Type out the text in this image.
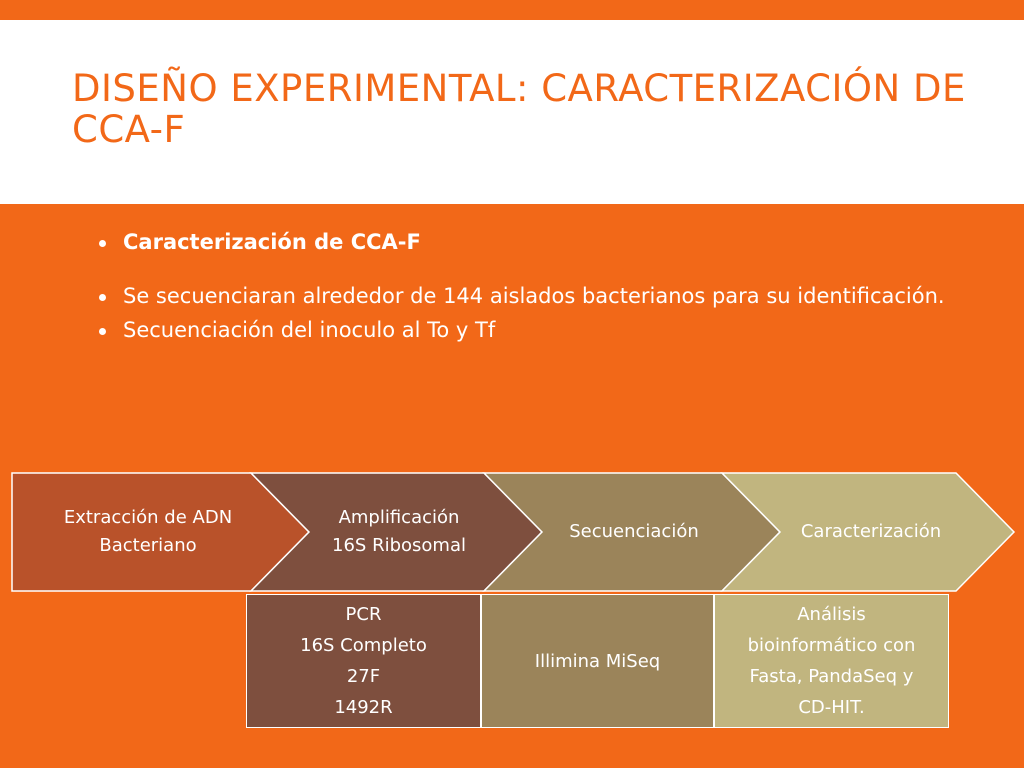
DISEÑO EXPERIMENTAL: CARACTERIZACIÓN DE CCA-F
Caracterización de CCA-F
Se secuenciaran alrededor de 144 aislados bacterianos para su identificación.
Secuenciación del inoculo al To y Tf
Extracción de ADN
Bacteriano
Amplificación
16S Ribosomal
Secuenciación	Caracterización
PCR
16S Completo
27F
1492R
Illimina MiSeq
Análisis
bioinformático con
Fasta, PandaSeq y
CD-HIT.
